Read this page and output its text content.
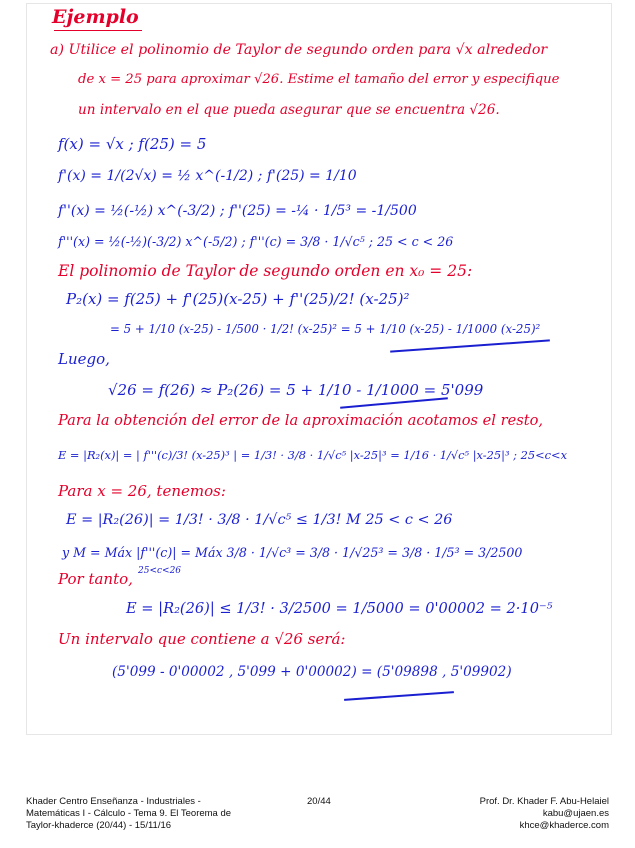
Ejemplo
a) Utilice el polinomio de Taylor de segundo orden para √x alrededor
de x = 25 para aproximar √26. Estime el tamaño del error y especifique
un intervalo en el que pueda asegurar que se encuentra √26.
f(x) = √x ; f(25) = 5
f'(x) = 1/(2√x) = ½ x^(-1/2) ; f'(25) = 1/10
f''(x) = ½(-½) x^(-3/2) ; f''(25) = -¼ · 1/5³ = -1/500
f'''(x) = ½(-½)(-3/2) x^(-5/2) ; f'''(c) = 3/8 · 1/√c⁵ ; 25 < c < 26
El polinomio de Taylor de segundo orden en x₀ = 25:
P₂(x) = f(25) + f'(25)(x-25) + f''(25)/2! (x-25)²
= 5 + 1/10 (x-25) - 1/500 · 1/2! (x-25)² = 5 + 1/10 (x-25) - 1/1000 (x-25)²
Luego,
√26 = f(26) ≈ P₂(26) = 5 + 1/10 - 1/1000 = 5'099
Para la obtención del error de la aproximación acotamos el resto,
E = |R₂(x)| = | f'''(c)/3! (x-25)³ | = 1/3! · 3/8 · 1/√c⁵ |x-25|³ = 1/16 · 1/√c⁵ |x-25|³ ; 25<c<x
Para x = 26, tenemos:
E = |R₂(26)| = 1/3! · 3/8 · 1/√c⁵ ≤ 1/3! M 25 < c < 26
y M = Máx |f'''(c)| = Máx 3/8 · 1/√c³ = 3/8 · 1/√25³ = 3/8 · 1/5³ = 3/2500
25<c<26
Por tanto,
E = |R₂(26)| ≤ 1/3! · 3/2500 = 1/5000 = 0'00002 = 2·10⁻⁵
Un intervalo que contiene a √26 será:
(5'099 - 0'00002 , 5'099 + 0'00002) = (5'09898 , 5'09902)
Khader Centro Enseñanza - Industriales -
Matemáticas I - Cálculo - Tema 9. El Teorema de
Taylor-khaderce (20/44) - 15/11/16
20/44	Prof. Dr. Khader F. Abu-Helaiel
kabu@ujaen.es
khce@khaderce.com
